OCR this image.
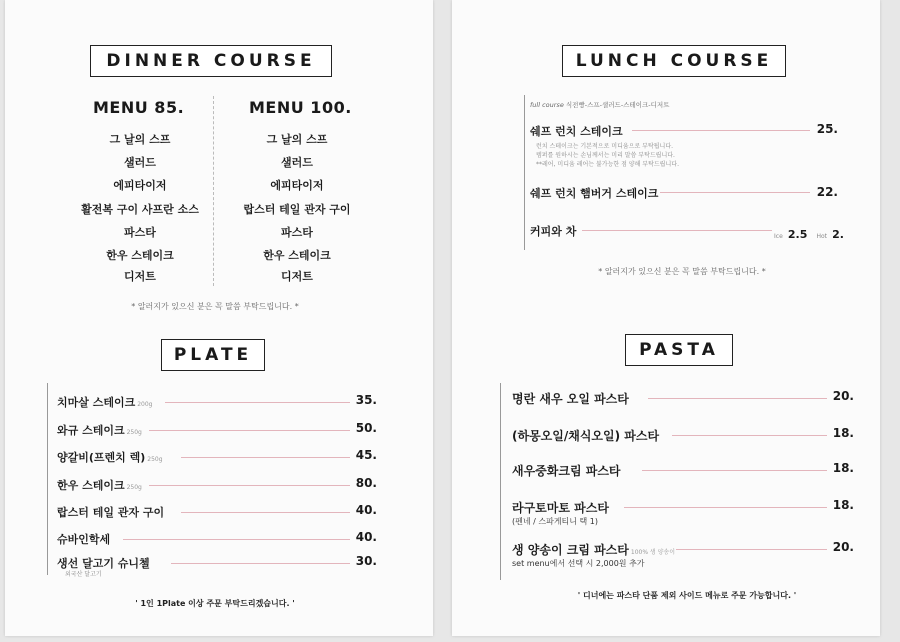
DINNER COURSE
MENU 85.	MENU 100.
그 날의 스프
샐러드
에피타이저
활전복 구이 사프란 소스
파스타
한우 스테이크
디저트
그 날의 스프
샐러드
에피타이저
랍스터 테일 관자 구이
파스타
한우 스테이크
디저트
* 알러지가 있으신 분은 꼭 말씀 부탁드립니다. *
PLATE
치마살 스테이크 200g	35.
와규 스테이크 250g	50.
양갈비(프렌치 렉) 250g	45.
한우 스테이크 250g	80.
랍스터 테일 관자 구이	40.
슈바인학세	40.
생선 달고기 슈니첼	30.
외국산 달고기
' 1인 1Plate 이상 주문 부탁드리겠습니다. '
LUNCH COURSE
full course 식전빵-스프-샐러드-스테이크-디저트
쉐프 런치 스테이크	25.
런치 스테이크는 기본적으로 미디움으로 부탁됩니다.
템퍼를 원하시는 손님께서는 미리 말씀 부탁드립니다.
**레어, 미디움 레어는 불가능한 점 양해 부탁드립니다.
쉐프 런치 햄버거 스테이크	22.
커피와 차	Ice 2.5 Hot 2.
* 알러지가 있으신 분은 꼭 말씀 부탁드립니다. *
PASTA
명란 새우 오일 파스타	20.
(하몽오일/채식오일) 파스타	18.
새우중화크림 파스타	18.
라구토마토 파스타	18.
(펜네 / 스파게티니 택 1)
생 양송이 크림 파스타 100% 생 양송이	20.
set menu에서 선택 시 2,000원 추가
' 디너에는 파스타 단품 제외 사이드 메뉴로 주문 가능합니다. '
